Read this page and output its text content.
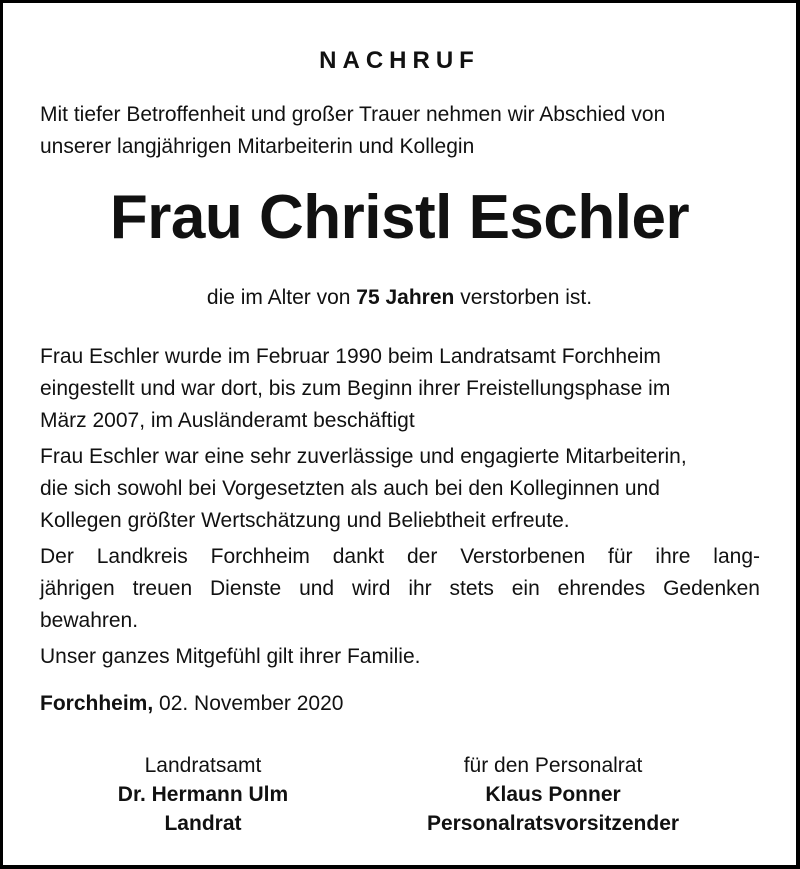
NACHRUF
Mit tiefer Betroffenheit und großer Trauer nehmen wir Abschied von
unserer langjährigen Mitarbeiterin und Kollegin
Frau Christl Eschler
die im Alter von 75 Jahren verstorben ist.
Frau Eschler wurde im Februar 1990 beim Landratsamt Forchheim
eingestellt und war dort, bis zum Beginn ihrer Freistellungsphase im
März 2007, im Ausländeramt beschäftigt
Frau Eschler war eine sehr zuverlässige und engagierte Mitarbeiterin,
die sich sowohl bei Vorgesetzten als auch bei den Kolleginnen und
Kollegen größter Wertschätzung und Beliebtheit erfreute.
Der Landkreis Forchheim dankt der Verstorbenen für ihre lang-
jährigen treuen Dienste und wird ihr stets ein ehrendes Gedenken
bewahren.
Unser ganzes Mitgefühl gilt ihrer Familie.
Forchheim, 02. November 2020
Landratsamt
Dr. Hermann Ulm
Landrat
für den Personalrat
Klaus Ponner
Personalratsvorsitzender
